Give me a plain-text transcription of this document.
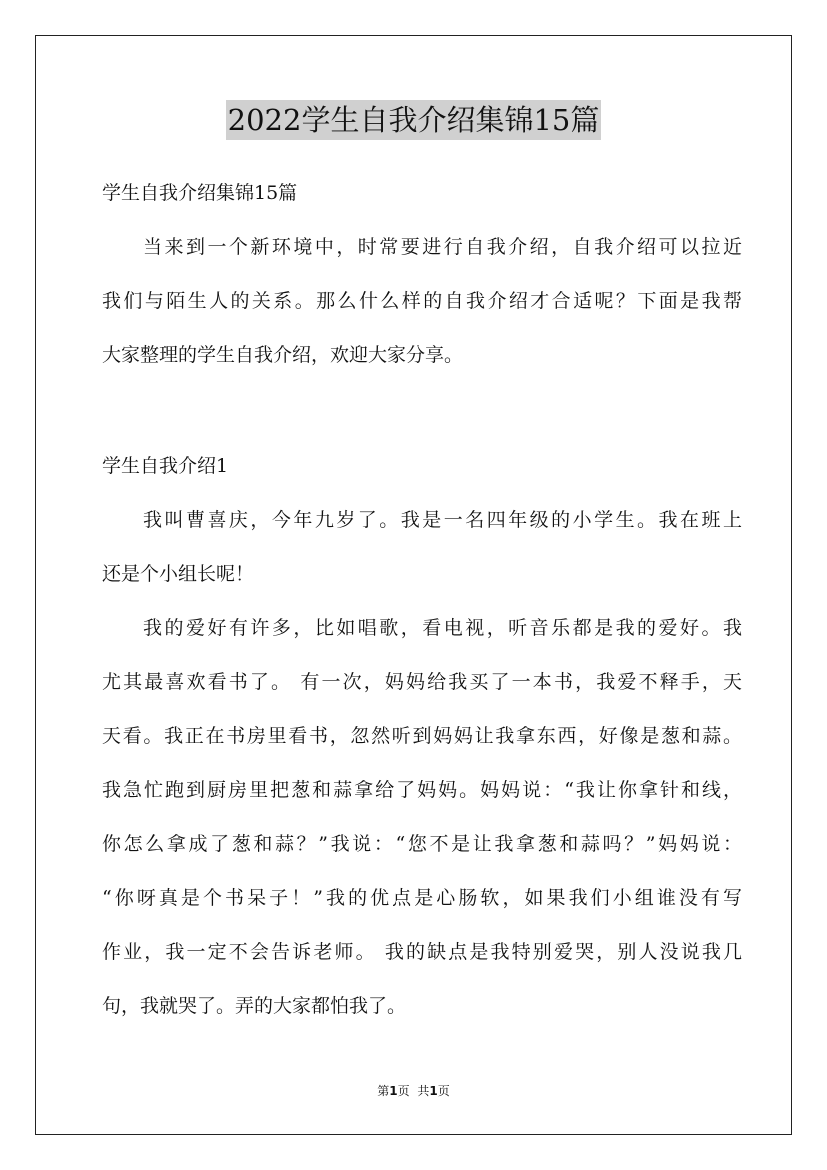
2022学生自我介绍集锦15篇
学生自我介绍集锦15篇
当来到一个新环境中，时常要进行自我介绍，自我介绍可以拉近
我们与陌生人的关系。那么什么样的自我介绍才合适呢？下面是我帮
大家整理的学生自我介绍，欢迎大家分享。
学生自我介绍1
我叫曹喜庆，今年九岁了。我是一名四年级的小学生。我在班上
还是个小组长呢！
我的爱好有许多，比如唱歌，看电视，听音乐都是我的爱好。我
尤其最喜欢看书了。 有一次，妈妈给我买了一本书，我爱不释手，天
天看。我正在书房里看书，忽然听到妈妈让我拿东西，好像是葱和蒜。
我急忙跑到厨房里把葱和蒜拿给了妈妈。妈妈说：“我让你拿针和线，
你怎么拿成了葱和蒜？”我说：“您不是让我拿葱和蒜吗？”妈妈说：
“你呀真是个书呆子！”我的优点是心肠软，如果我们小组谁没有写
作业，我一定不会告诉老师。 我的缺点是我特别爱哭，别人没说我几
句，我就哭了。弄的大家都怕我了。
第1页 共1页
